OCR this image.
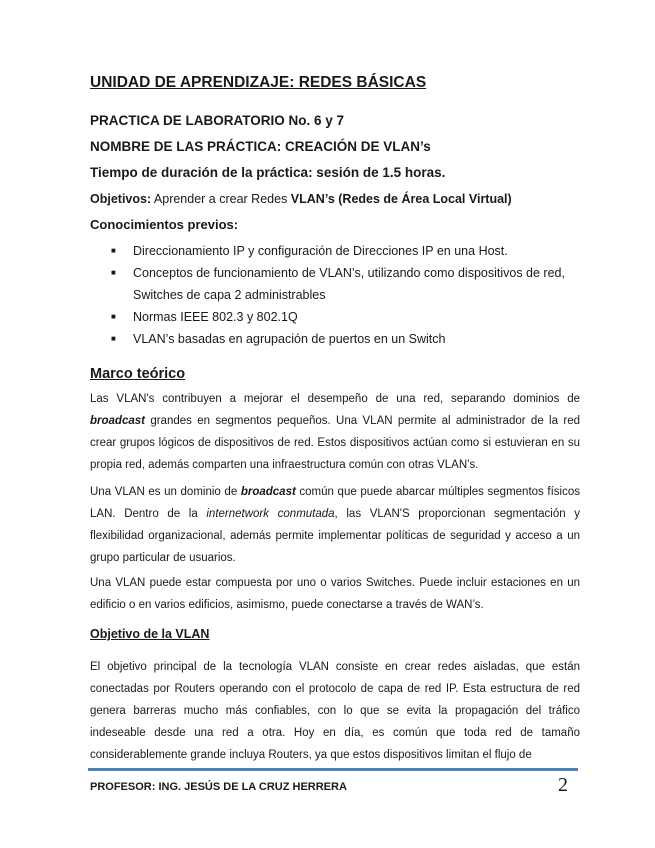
UNIDAD DE APRENDIZAJE: REDES BÁSICAS
PRACTICA DE LABORATORIO No. 6 y 7
NOMBRE DE LAS PRÁCTICA: CREACIÓN DE VLAN’s
Tiempo de duración de la práctica: sesión de 1.5 horas.
Objetivos: Aprender a crear Redes VLAN’s (Redes de Área Local Virtual)
Conocimientos previos:
■ Direccionamiento IP y configuración de Direcciones IP en una Host.
■ Conceptos de funcionamiento de VLAN’s, utilizando como dispositivos de red,
Switches de capa 2 administrables
■ Normas IEEE 802.3 y 802.1Q
■ VLAN’s basadas en agrupación de puertos en un Switch
Marco teórico

Las VLAN's contribuyen a mejorar el desempeño de una red, separando dominios de broadcast grandes en segmentos pequeños. Una VLAN permite al administrador de la red crear grupos lógicos de dispositivos de red. Estos dispositivos actúan como si estuvieran en su propia red, además comparten una infraestructura común con otras VLAN’s.

Una VLAN es un dominio de broadcast común que puede abarcar múltiples segmentos físicos LAN. Dentro de la internetwork conmutada, las VLAN'S proporcionan segmentación y flexibilidad organizacional, además permite implementar políticas de seguridad y acceso a un grupo particular de usuarios.

Una VLAN puede estar compuesta por uno o varios Switches. Puede incluir estaciones en un edificio o en varios edificios, asimismo, puede conectarse a través de WAN’s.

Objetivo de la VLAN

El objetivo principal de la tecnología VLAN consiste en crear redes aisladas, que están conectadas por Routers operando con el protocolo de capa de red IP. Esta estructura de red genera barreras mucho más confiables, con lo que se evita la propagación del tráfico indeseable desde una red a otra. Hoy en día, es común que toda red de tamaño considerablemente grande incluya Routers, ya que estos dispositivos limitan el flujo de

PROFESOR: ING. JESÚS DE LA CRUZ HERRERA	2
